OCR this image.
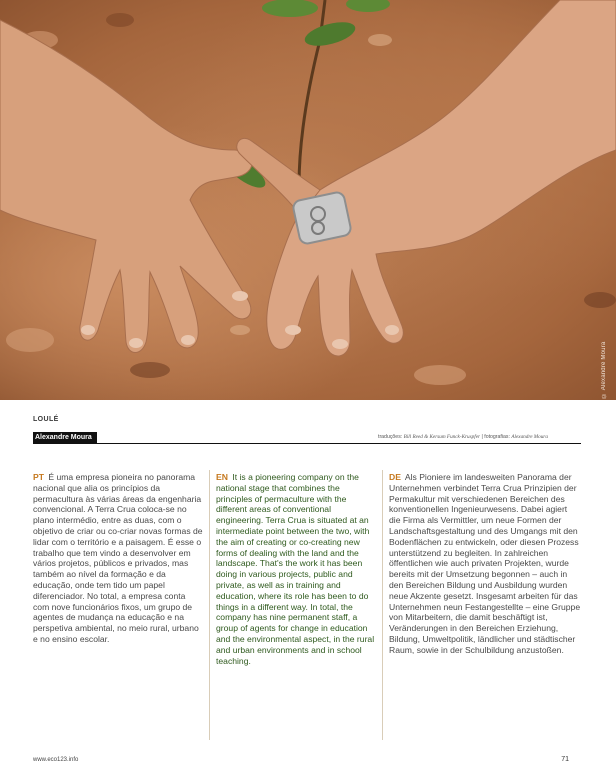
© Alexandre Moura
LOULÉ
Alexandre Moura	traduções: Bill Reed & Kersum Funck-Kruspfer | fotografias: Alexandre Moura
PT É uma empresa pioneira no panorama nacional que alia os princípios da permacultura às várias áreas da engenharia convencional. A Terra Crua coloca-se no plano intermédio, entre as duas, com o objetivo de criar ou co-criar novas formas de lidar com o território e a paisagem. É esse o trabalho que tem vindo a desenvolver em vários projetos, públicos e privados, mas também ao nível da formação e da educação, onde tem tido um papel diferenciador. No total, a empresa conta com nove funcionários fixos, um grupo de agentes de mudança na educação e na perspetiva ambiental, no meio rural, urbano e no ensino escolar.
EN It is a pioneering company on the national stage that combines the principles of permaculture with the different areas of conventional engineering. Terra Crua is situated at an intermediate point between the two, with the aim of creating or co-creating new forms of dealing with the land and the landscape. That's the work it has been doing in various projects, public and private, as well as in training and education, where its role has been to do things in a different way. In total, the company has nine permanent staff, a group of agents for change in education and the environmental aspect, in the rural and urban environments and in school teaching.
DE Als Pioniere im landesweiten Panorama der Unternehmen verbindet Terra Crua Prinzipien der Permakultur mit verschiedenen Bereichen des konventionellen Ingenieurwesens. Dabei agiert die Firma als Vermittler, um neue Formen der Landschaftsgestaltung und des Umgangs mit den Bodenflächen zu entwickeln, oder diesen Prozess unterstützend zu begleiten. In zahlreichen öffentlichen wie auch privaten Projekten, wurde bereits mit der Umsetzung begonnen – auch in den Bereichen Bildung und Ausbildung wurden neue Akzente gesetzt. Insgesamt arbeiten für das Unternehmen neun Festangestellte – eine Gruppe von Mitarbeitern, die damit beschäftigt ist, Veränderungen in den Bereichen Erziehung, Bildung, Umweltpolitik, ländlicher und städtischer Raum, sowie in der Schulbildung anzustoßen.
www.eco123.info	71
